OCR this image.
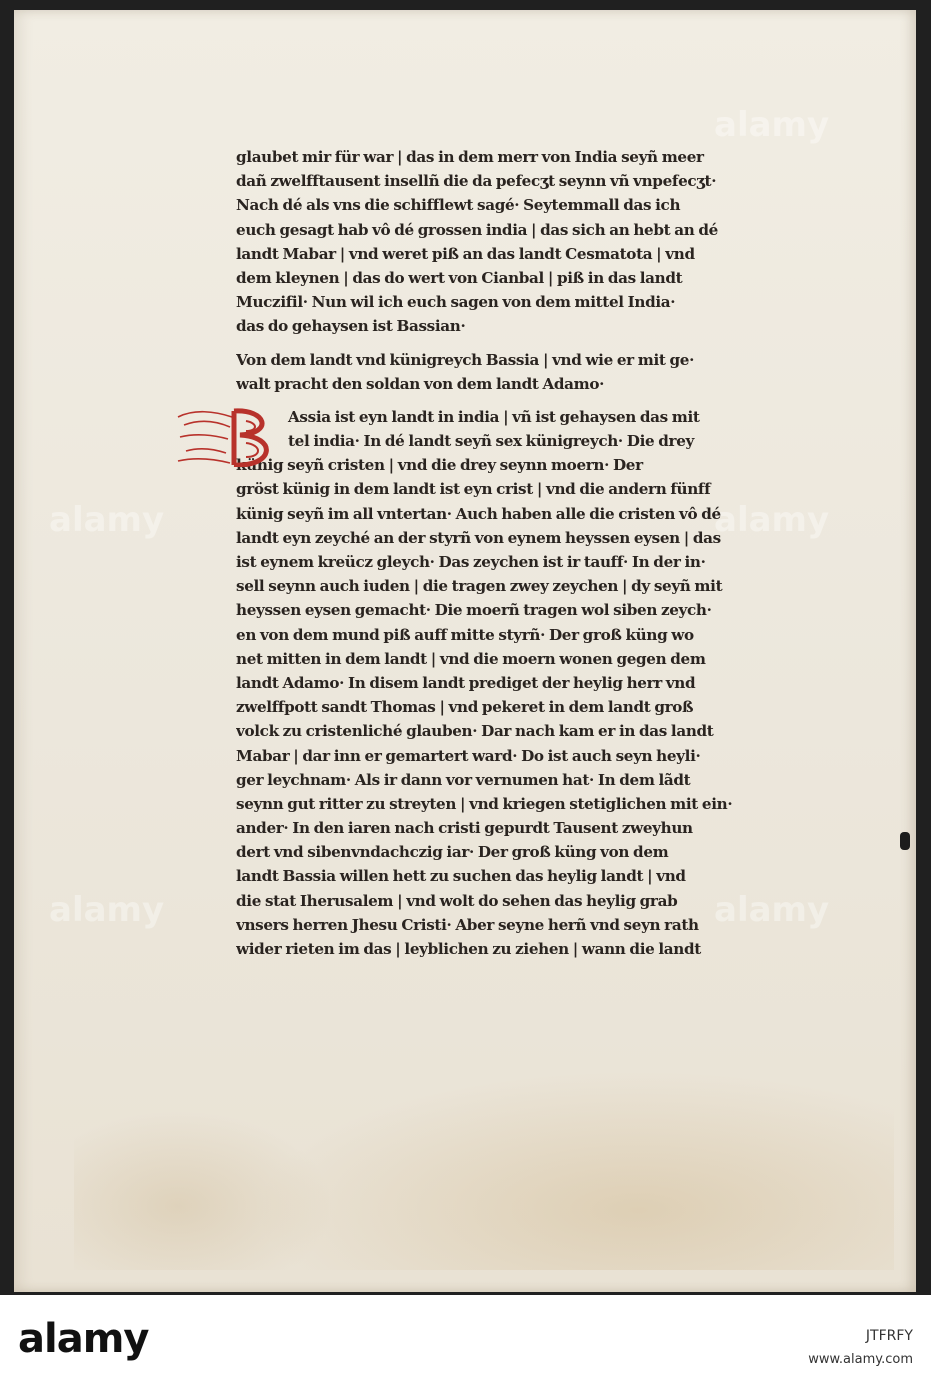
alamy
alamy	alamy
alamy	alamy
glaubet mir für war | das in dem merr von India seyñ meer
dañ zwelfftausent insellñ die da pefecʒt seynn vñ vnpefecʒt·
Nach dé als vns die schifflewt sagé· Seytemmall das ich
euch gesagt hab vô dé grossen india | das sich an hebt an dé
landt Mabar | vnd weret piß an das landt Cesmatota | vnd
dem kleynen | das do wert von Cianbal | piß in das landt
Muczifil· Nun wil ich euch sagen von dem mittel India·
das do gehaysen ist Bassian·
Von dem landt vnd künigreych Bassia | vnd wie er mit ge·
walt pracht den soldan von dem landt Adamo·
Assia ist eyn landt in india | vñ ist gehaysen das mit
tel india· In dé landt seyñ sex künigreych· Die drey
künig seyñ cristen | vnd die drey seynn moern· Der
gröst künig in dem landt ist eyn crist | vnd die andern fünff
künig seyñ im all vntertan· Auch haben alle die cristen vô dé
landt eyn zeyché an der styrñ von eynem heyssen eysen | das
ist eynem kreücz gleych· Das zeychen ist ir tauff· In der in·
sell seynn auch iuden | die tragen zwey zeychen | dy seyñ mit
heyssen eysen gemacht· Die moerñ tragen wol siben zeych·
en von dem mund piß auff mitte styrñ· Der groß küng wo
net mitten in dem landt | vnd die moern wonen gegen dem
landt Adamo· In disem landt prediget der heylig herr vnd
zwelffpott sandt Thomas | vnd pekeret in dem landt groß
volck zu cristenliché glauben· Dar nach kam er in das landt
Mabar | dar inn er gemartert ward· Do ist auch seyn heyli·
ger leychnam· Als ir dann vor vernumen hat· In dem lãdt
seynn gut ritter zu streyten | vnd kriegen stetiglichen mit ein·
ander· In den iaren nach cristi gepurdt Tausent zweyhun
dert vnd sibenvndachczig iar· Der groß küng von dem
landt Bassia willen hett zu suchen das heylig landt | vnd
die stat Iherusalem | vnd wolt do sehen das heylig grab
vnsers herren Jhesu Cristi· Aber seyne herñ vnd seyn rath
wider rieten im das | leyblichen zu ziehen | wann die landt
alamy	JTFRFY
www.alamy.com
